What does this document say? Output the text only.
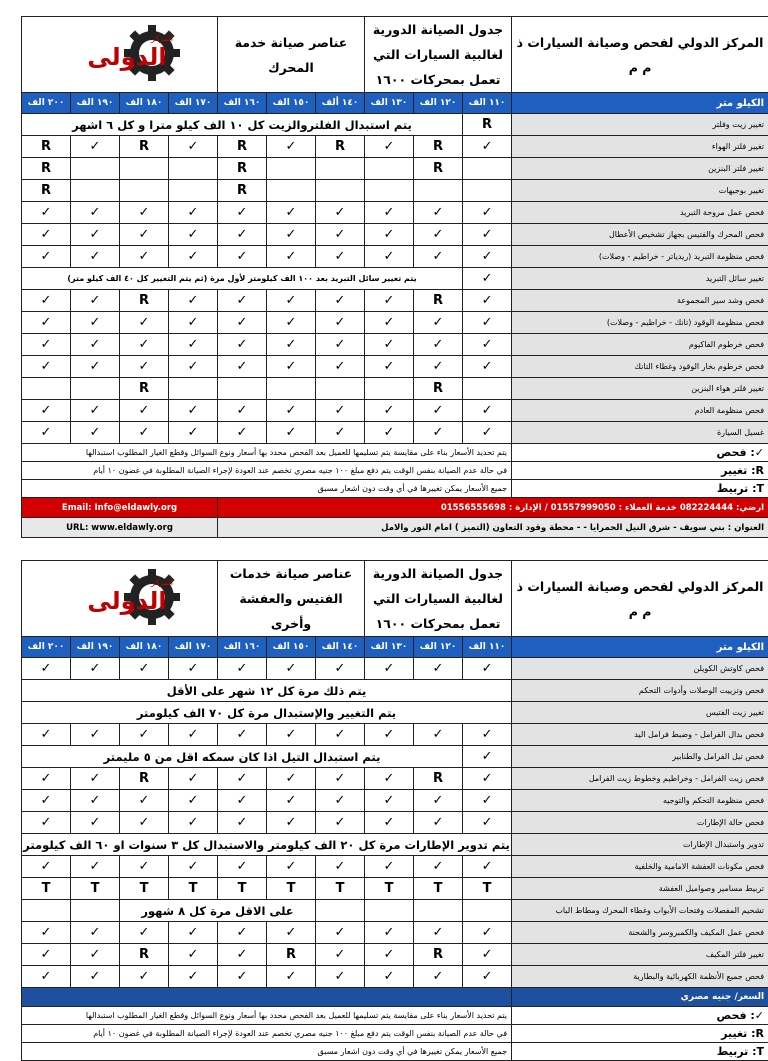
الدولى
المركز				عناصر صيانة خدمة المحرك			جدول الصيانة الدورية لغالبية السيارات التي تعمل بمحركات ١٦٠٠			المركز الدولي لفحص وصيانة السيارات ذ م م
٢٠٠ الف	١٩٠ الف	١٨٠ الف	١٧٠ الف	١٦٠ الف	١٥٠ الف	١٤٠ ألف	١٣٠ الف	١٢٠ الف	١١٠ الف	الكيلو متر
يتم استبدال الفلتروالزيت كل ١٠ الف كيلو مترا و كل ٦ اشهر									R	تغيير زيت وفلتر
R	✓	R	✓	R	✓	R	✓	R	✓	تغيير فلتر الهواء
R				R				R		تغيير فلتر البنزين
R				R						تغيير بوجيهات
✓	✓	✓	✓	✓	✓	✓	✓	✓	✓	فحص عمل مروحة التبريد
✓	✓	✓	✓	✓	✓	✓	✓	✓	✓	فحص المحرك والفتيس بجهاز تشخيص الأعطال
✓	✓	✓	✓	✓	✓	✓	✓	✓	✓	فحص منظومة التبريد (ريدياتر - خراطيم - وصلات)
يتم تغيير سائل التبريد بعد ١٠٠ الف كيلومتر لأول مرة (ثم يتم التغيير كل ٤٠ الف كيلو متر)									✓	تغيير سائل التبريد
✓	✓	R	✓	✓	✓	✓	✓	R	✓	فحص وشد سير المجموعة
✓	✓	✓	✓	✓	✓	✓	✓	✓	✓	فحص منظومة الوقود (تانك - خراطيم - وصلات)
✓	✓	✓	✓	✓	✓	✓	✓	✓	✓	فحص خرطوم الفاكيوم
✓	✓	✓	✓	✓	✓	✓	✓	✓	✓	فحص خرطوم بخار الوقود وغطاء التانك
		R						R		تغيير فلتر هواء البنزين
✓	✓	✓	✓	✓	✓	✓	✓	✓	✓	فحص منظومة العادم
✓	✓	✓	✓	✓	✓	✓	✓	✓	✓	غسيل السيارة
يتم تحديد الأسعار بناء على مقايسة يتم تسليمها للعميل بعد الفحص محدد بها أسعار ونوع السوائل وقطع الغيار المطلوب استبدالها										✓: فحص
في حالة عدم الصيانة بنفس الوقت يتم دفع مبلغ ١٠٠ جنيه مصري تخصم عند العودة لإجراء الصيانة المطلوبة في غضون ١٠ أيام										R: تغيير
جميع الأسعار يمكن تغييرها في أي وقت دون اشعار مسبق										T: تربيط
Email: Info@eldawly.org				ارضي: 082224444 خدمة العملاء : 01557999050 / الإدارة : 01556555698						
URL: www.eldawly.org				العنوان : بني سويف - شرق النيل الحمرايا - - محطة وقود التعاون (التميز ) امام النور والامل						
الدولى
المركز				عناصر صيانة خدمات الفتيس والعفشة وأخرى			جدول الصيانة الدورية لغالبية السيارات التي تعمل بمحركات ١٦٠٠			المركز الدولي لفحص وصيانة السيارات ذ م م
٢٠٠ الف	١٩٠ الف	١٨٠ الف	١٧٠ الف	١٦٠ الف	١٥٠ الف	١٤٠ الف	١٣٠ الف	١٢٠ الف	١١٠ الف	الكيلو متر
✓	✓	✓	✓	✓	✓	✓	✓	✓	✓	فحص كاوتش الكويلن
يتم ذلك مرة كل ١٢ شهر على الأقل										فحص وتزييت الوصلات وأدوات التحكم
يتم التغيير والإستبدال مرة كل ٧٠ الف كيلومتر										تغيير زيت الفتيس
✓	✓	✓	✓	✓	✓	✓	✓	✓	✓	فحص بدال الفرامل - وضبط فرامل اليد
يتم استبدال التيل اذا كان سمكه اقل من ٥ مليمتر									✓	فحص تيل الفرامل والطنابير
✓	✓	R	✓	✓	✓	✓	✓	R	✓	فحص زيت الفرامل - وخراطيم وخطوط زيت الفرامل
✓	✓	✓	✓	✓	✓	✓	✓	✓	✓	فحص منظومة التحكم والتوجيه
✓	✓	✓	✓	✓	✓	✓	✓	✓	✓	فحص حالة الإطارات
يتم تدوير الإطارات مرة كل ٢٠ الف كيلومتر والاستبدال كل ٣ سنوات او ٦٠ الف كيلومتر										تدوير واستبدال الإطارات
✓	✓	✓	✓	✓	✓	✓	✓	✓	✓	فحص مكونات العفشة الامامية والخلفية
T	T	T	T	T	T	T	T	T	T	تربيط مسامير وصواميل العفشة
		على الاقل مرة كل ٨ شهور								تشحيم المفصلات وفتحات الأبواب وغطاء المحرك ومطاط الباب
✓	✓	✓	✓	✓	✓	✓	✓	✓	✓	فحص عمل المكيف والكمبروسر والشحنة
✓	✓	R	✓	✓	R	✓	✓	R	✓	تغيير فلتر المكيف
✓	✓	✓	✓	✓	✓	✓	✓	✓	✓	فحص جميع الأنظمة الكهربائية والبطارية
										السعر/ جنيه مصري
يتم تحديد الأسعار بناء على مقايسة يتم تسليمها للعميل بعد الفحص محدد بها أسعار ونوع السوائل وقطع الغيار المطلوب استبدالها										✓: فحص
في حالة عدم الصيانة بنفس الوقت يتم دفع مبلغ ١٠٠ جنيه مصري تخصم عند العودة لإجراء الصيانة المطلوبة في غضون ١٠ أيام										R: تغيير
جميع الأسعار يمكن تغييرها في أي وقت دون اشعار مسبق										T: تربيط
